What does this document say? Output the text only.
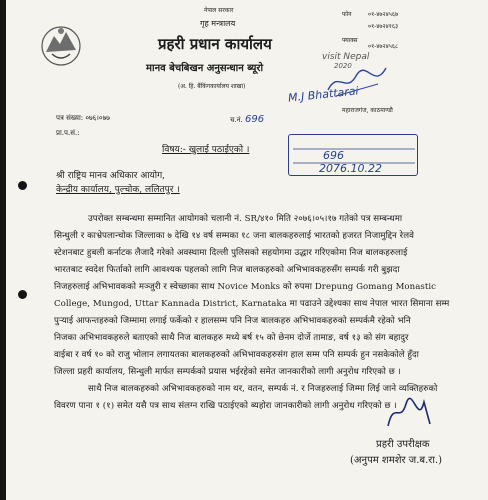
नेपाल सरकार
गृह मन्त्रालय
प्रहरी प्रधान कार्यालय
मानव बेचबिखन अनुसन्धान ब्यूरो
(अ. हि. बैंकिंगकार्यालय शाखा)
महाराजगंज, काठमाण्डौ
फोन	०१-४७२४५६७
०१-४७२४१६३
फ्याक्स
०१-४७२४५६८
visit Nepal
2020
M.J Bhattarai
पत्र संख्या: ०७६।०७७
प्रा.प.सं.:
च.नं. 696
696
2076.10.22
विषय:- खुलाई पठाईएको ।
श्री राष्ट्रिय मानव अधिकार आयोग,
केन्द्रीय कार्यालय, पुल्चोक, ललितपुर ।
उपरोक्त सम्बन्धमा सम्मानित आयोगको चलानी नं. SR/४१० मिति २०७६।०५।१७ गतेको पत्र सम्बन्धमा
सिन्धुली र काभ्रेपलान्चोक जिल्लाका ७ देखि १४ वर्ष सम्मका १८ जना बालकहरुलाई भारतको हजरत निजामुद्दिन रेलवे
स्टेशनबाट हुबली कर्नाटक लैजादै गरेको अवस्थामा दिल्ली पुलिसको सहयोगमा उद्धार गरिएकोमा निज बालकहरुलाई
भारतबाट स्वदेश फिर्ताको लागि आवश्यक पहलको लागि निज बालकहरुको अभिभावकहरुसँग सम्पर्क गरी बुझदा
निजहरुलाई अभिभावकको मञ्जुरी र स्वेच्छाका साथ Novice Monks को रुपमा Drepung Gomang Monastic
College, Mungod, Uttar Kannada District, Karnataka मा पढाउने उद्देश्यका साथ नेपाल भारत सिमाना सम्म
पुऱ्याई आफन्तहरुको जिम्मामा लगाई फर्केको र हालसम्म पनि निज बालकहरु अभिभावकहरुको सम्पर्कमै रहेको भनि
निजका अभिभावकहरुले बताएको साथै निज बालकहरु मध्ये बर्ष १५ को छेनम दोर्जे तामाङ, वर्ष १३ को संग बहादुर
वाईबा र वर्ष १० को राजु भोलान लगायतका बालकहरुको अभिभावकहरुसंग हाल सम्म पनि सम्पर्क हुन नसकेकोले हुँदा
जिल्ला प्रहरी कार्यालय, सिन्धुली मार्फत सम्पर्कको प्रयास भईरहेको समेत जानकारीको लागी अनुरोध गरिएको छ ।
साथै निज बालकहरुको अभिभावकहरुको नाम थर, वतन, सम्पर्क नं. र निजहरुलाई जिम्मा लिई जाने व्यक्तिहरुको
विवरण पाना १ (१) समेत यसै पत्र साथ संलग्न राखि पठाईएको ब्यहोरा जानकारीको लागी अनुरोध गरिएको छ ।
प्रहरी उपरीक्षक
(अनुपम शमशेर ज.ब.रा.)
